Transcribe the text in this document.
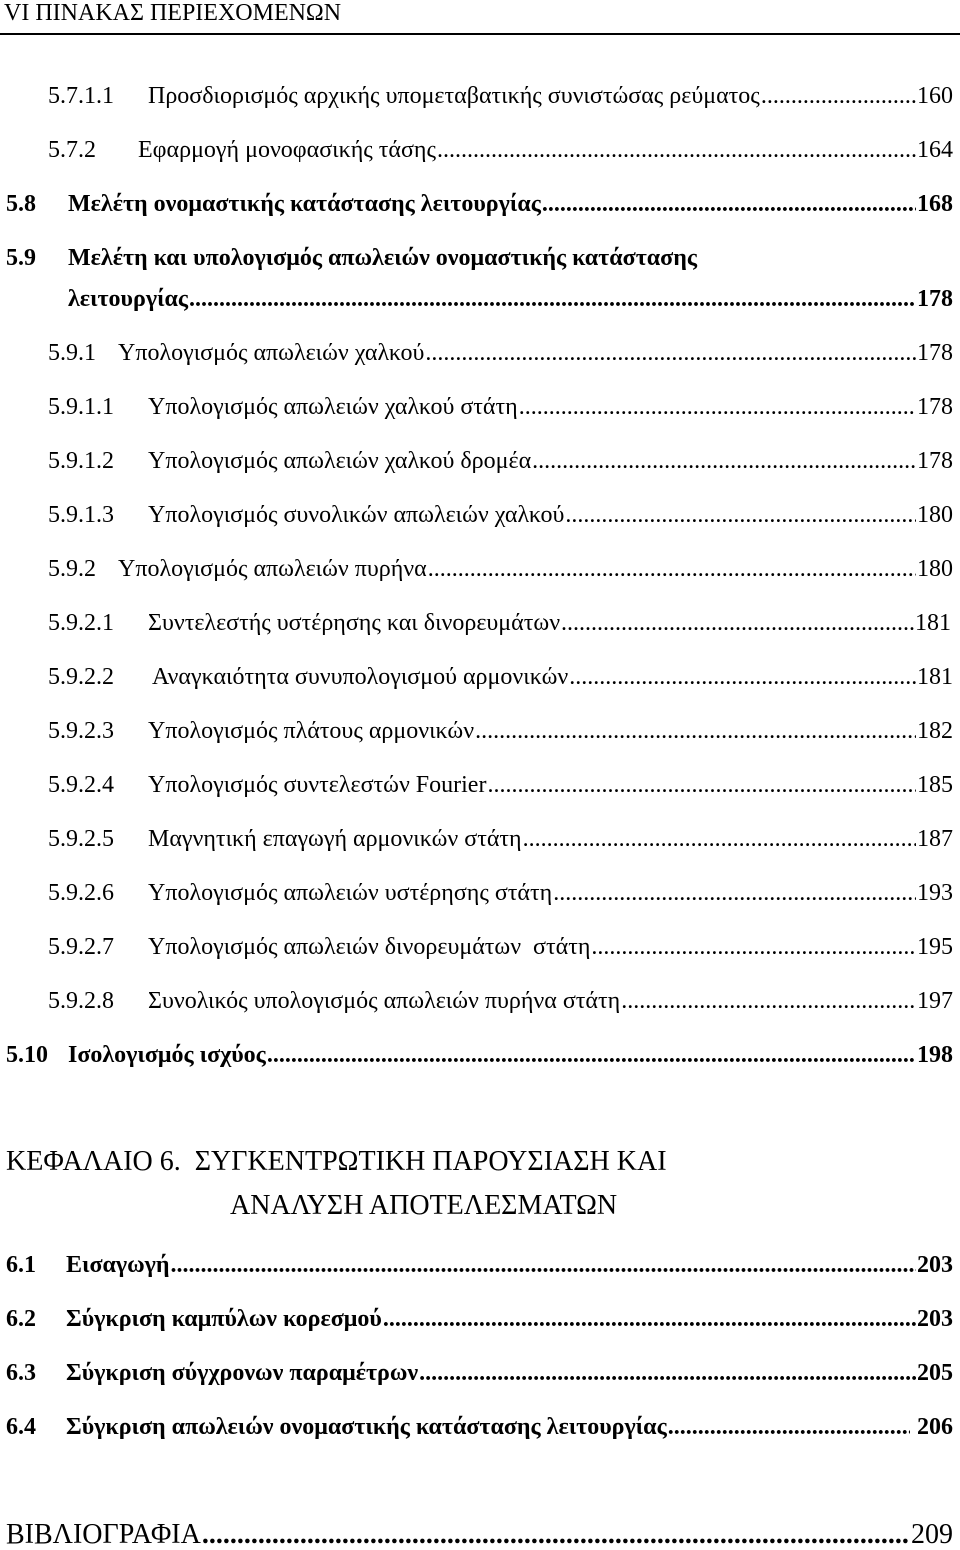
VI ΠΙΝΑΚΑΣ ΠΕΡΙΕΧΟΜΕΝΩΝ
5.7.1.1	Προσδιορισμός αρχικής υπομεταβατικής συνιστώσας ρεύματος .....	160
5.7.2	Εφαρμογή μονοφασικής τάσης .....	164
5.8	Μελέτη ονομαστικής κατάστασης λειτουργίας .....	168
5.9 Μελέτη και υπολογισμός απωλειών ονομαστικής κατάστασης
λειτουργίας .....	178
5.9.1 Υπολογισμός απωλειών χαλκού .....	178
5.9.1.1	Υπολογισμός απωλειών χαλκού στάτη .....	178
5.9.1.2	Υπολογισμός απωλειών χαλκού δρομέα .....	178
5.9.1.3	Υπολογισμός συνολικών απωλειών χαλκού .....	180
5.9.2 Υπολογισμός απωλειών πυρήνα .....	180
5.9.2.1	Συντελεστής υστέρησης και δινορευμάτων .....	181
5.9.2.2	Αναγκαιότητα συνυπολογισμού αρμονικών .....	181
5.9.2.3	Υπολογισμός πλάτους αρμονικών .....	182
5.9.2.4	Υπολογισμός συντελεστών Fourier .....	185
5.9.2.5	Μαγνητική επαγωγή αρμονικών στάτη .....	187
5.9.2.6	Υπολογισμός απωλειών υστέρησης στάτη .....	193
5.9.2.7	Υπολογισμός απωλειών δινορευμάτων  στάτη .....	195
5.9.2.8	Συνολικός υπολογισμός απωλειών πυρήνα στάτη .....	197
5.10 Ισολογισμός ισχύος .....	198
ΚΕΦΑΛΑΙΟ 6.  ΣΥΓΚΕΝΤΡΩΤΙΚΗ ΠΑΡΟΥΣΙΑΣΗ ΚΑΙ
ΑΝΑΛΥΣΗ ΑΠΟΤΕΛΕΣΜΑΤΩΝ
6.1	Εισαγωγή .....	203
6.2	Σύγκριση καμπύλων κορεσμού .....	203
6.3	Σύγκριση σύγχρονων παραμέτρων .....	205
6.4	Σύγκριση απωλειών ονομαστικής κατάστασης λειτουργίας .....	206
ΒΙΒΛΙΟΓΡΑΦΙΑ .....	209
